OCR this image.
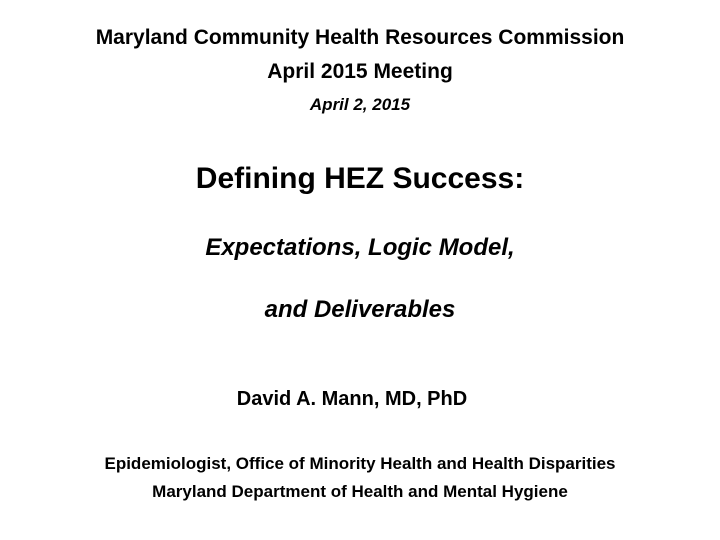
Maryland Community Health Resources Commission
April 2015 Meeting
April 2, 2015
Defining HEZ Success:
Expectations, Logic Model,
and Deliverables
David A. Mann, MD, PhD
Epidemiologist, Office of Minority Health and Health Disparities
Maryland Department of Health and Mental Hygiene
